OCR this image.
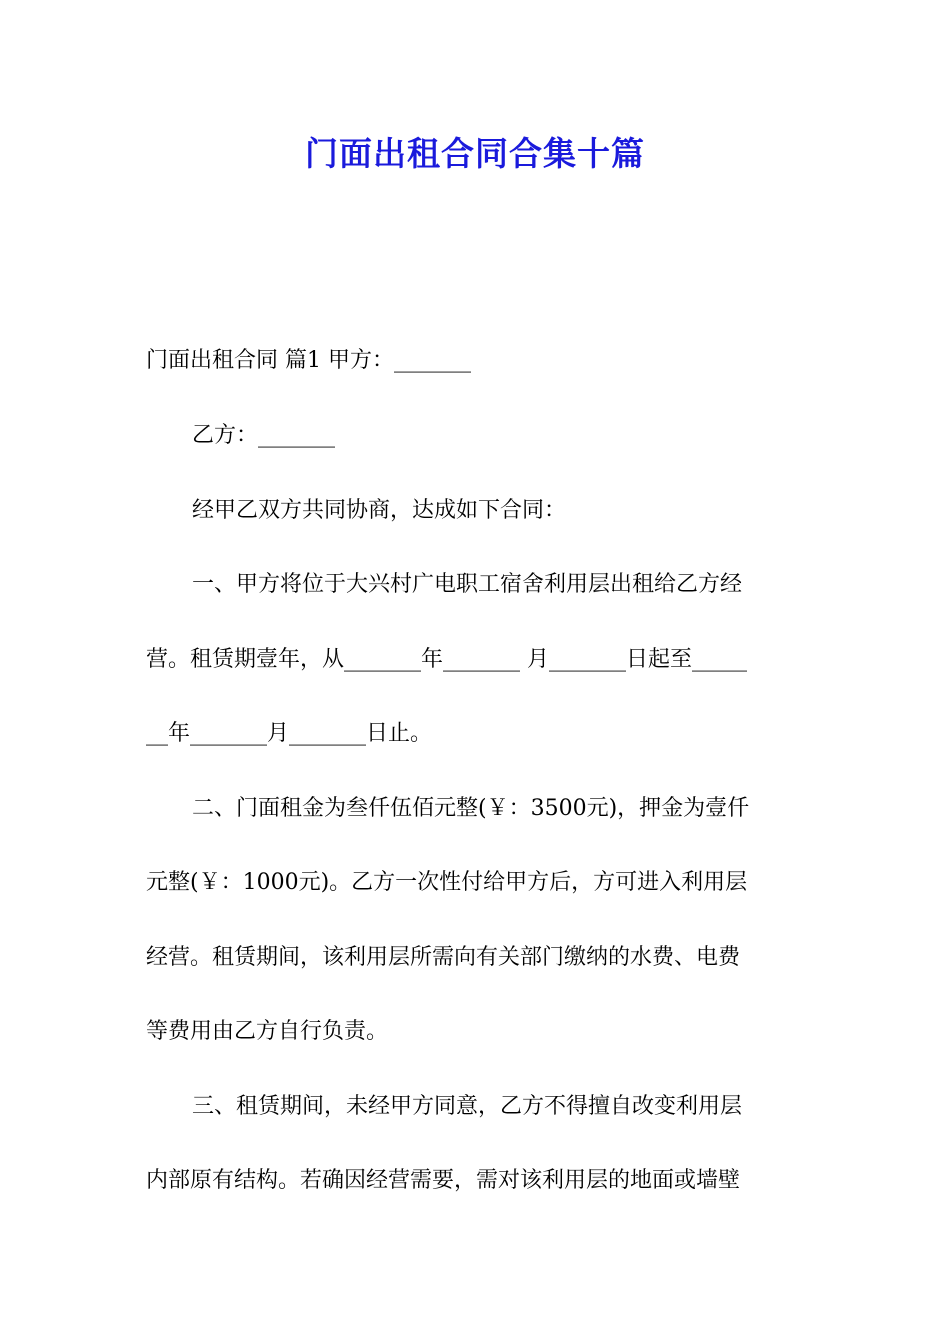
门面出租合同合集十篇
门面出租合同 篇1 甲方：_______
乙方：_______
经甲乙双方共同协商，达成如下合同：
一、甲方将位于大兴村广电职工宿舍利用层出租给乙方经
营。租赁期壹年，从_______年_______ 月_______日起至_____
__年_______月_______日止。
二、门面租金为叁仟伍佰元整(￥：3500元)，押金为壹仟
元整(￥：1000元)。乙方一次性付给甲方后，方可进入利用层
经营。租赁期间，该利用层所需向有关部门缴纳的水费、电费
等费用由乙方自行负责。
三、租赁期间，未经甲方同意，乙方不得擅自改变利用层
内部原有结构。若确因经营需要，需对该利用层的地面或墙壁
